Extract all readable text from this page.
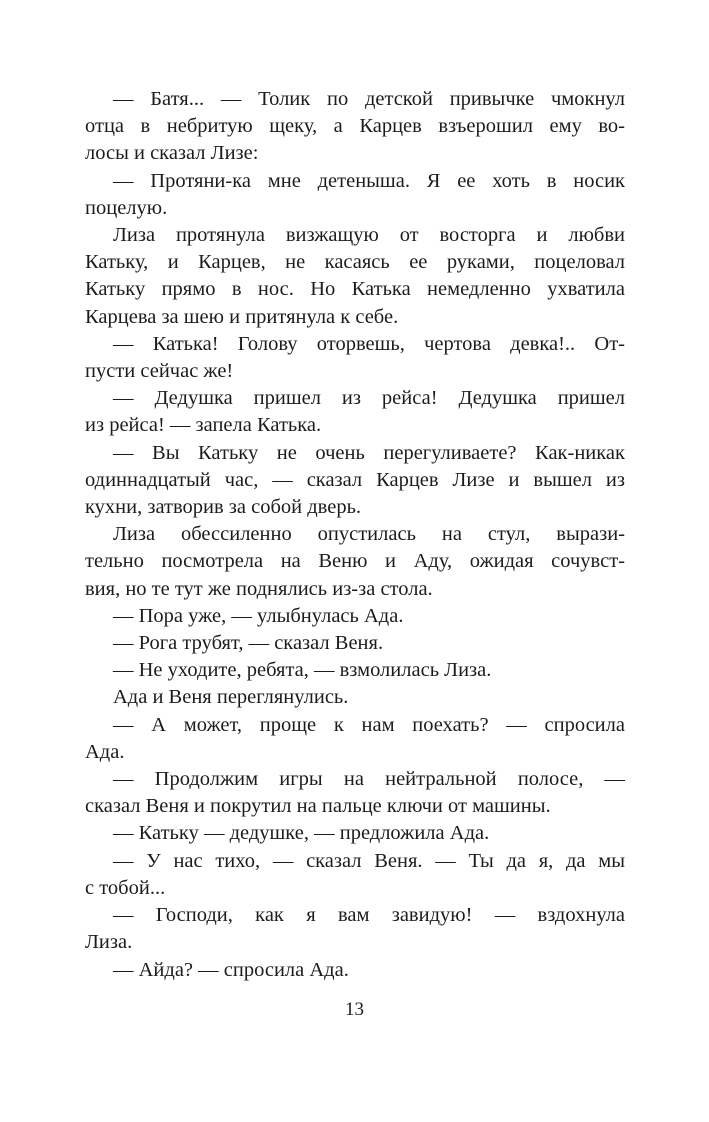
— Батя... — Толик по детской привычке чмокнул
отца в небритую щеку, а Карцев взъерошил ему во-
лосы и сказал Лизе:

— Протяни-ка мне детеныша. Я ее хоть в носик
поцелую.

Лиза протянула визжащую от восторга и любви
Катьку, и Карцев, не касаясь ее руками, поцеловал
Катьку прямо в нос. Но Катька немедленно ухватила
Карцева за шею и притянула к себе.

— Катька! Голову оторвешь, чертова девка!.. От-
пусти сейчас же!

— Дедушка пришел из рейса! Дедушка пришел
из рейса! — запела Катька.

— Вы Катьку не очень перегуливаете? Как-никак
одиннадцатый час, — сказал Карцев Лизе и вышел из
кухни, затворив за собой дверь.

Лиза обессиленно опустилась на стул, вырази-
тельно посмотрела на Веню и Аду, ожидая сочувст-
вия, но те тут же поднялись из-за стола.

— Пора уже, — улыбнулась Ада.

— Рога трубят, — сказал Веня.

— Не уходите, ребята, — взмолилась Лиза.

Ада и Веня переглянулись.

— А может, проще к нам поехать? — спросила
Ада.

— Продолжим игры на нейтральной полосе, —
сказал Веня и покрутил на пальце ключи от машины.

— Катьку — дедушке, — предложила Ада.

— У нас тихо, — сказал Веня. — Ты да я, да мы
с тобой...

— Господи, как я вам завидую! — вздохнула
Лиза.

— Айда? — спросила Ада.

13
